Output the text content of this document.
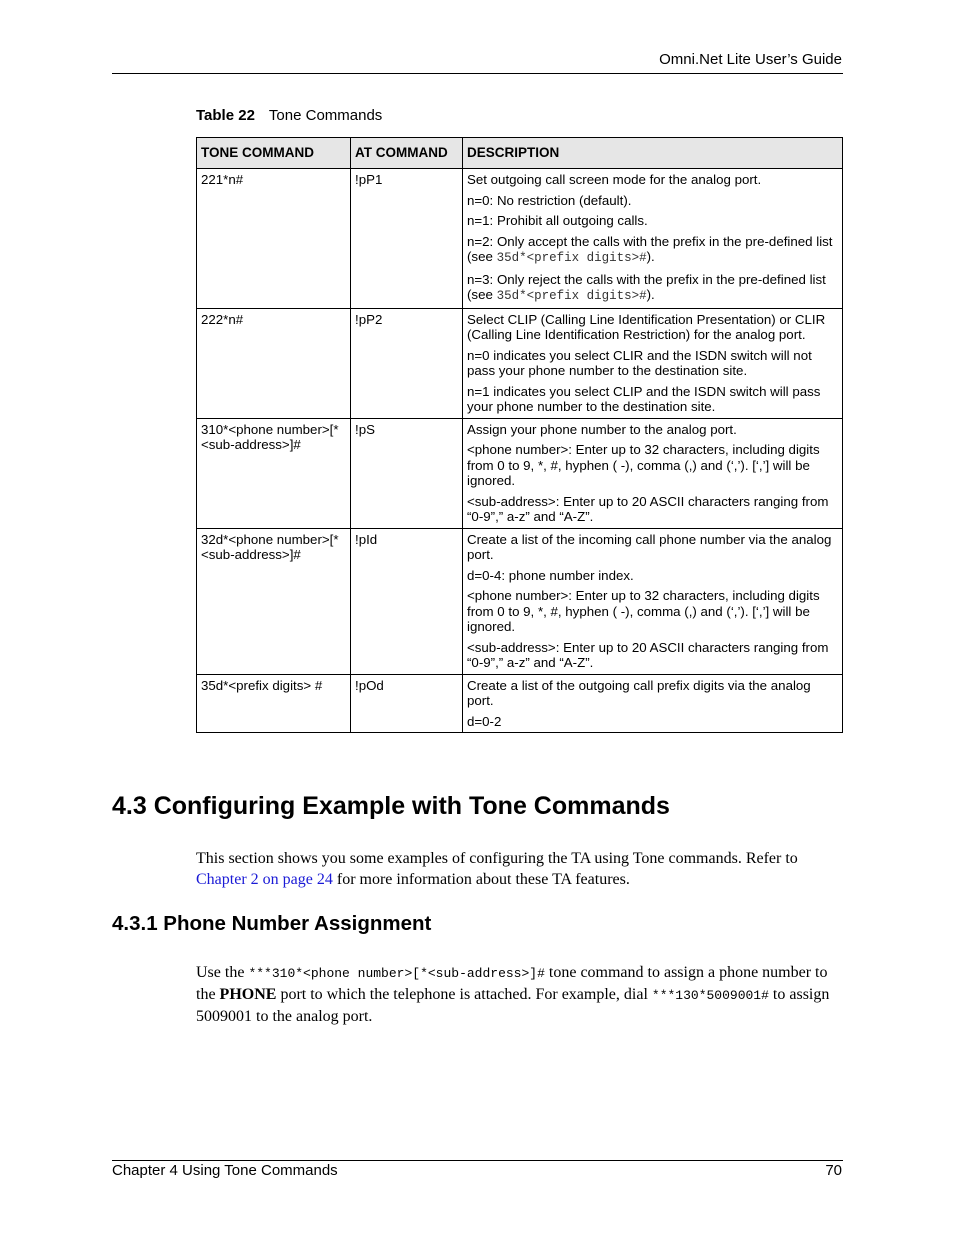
Omni.Net Lite User’s Guide
Table 22 Tone Commands
TONE COMMAND	AT COMMAND	DESCRIPTION
221*n#	!pP1	Set outgoing call screen mode for the analog port.
n=0: No restriction (default).
n=1: Prohibit all outgoing calls.
n=2: Only accept the calls with the prefix in the pre-defined list (see 35d*<prefix digits>#).
n=3: Only reject the calls with the prefix in the pre-defined list (see 35d*<prefix digits>#).

222*n#	!pP2	Select CLIP (Calling Line Identification Presentation) or CLIR (Calling Line Identification Restriction) for the analog port.
n=0 indicates you select CLIR and the ISDN switch will not pass your phone number to the destination site.
n=1 indicates you select CLIP and the ISDN switch will pass your phone number to the destination site.

310*<phone number>[*<sub-address>]#	!pS	Assign your phone number to the analog port.
<phone number>: Enter up to 32 characters, including digits from 0 to 9, *, #, hyphen ( -), comma (,) and (‘,’). [‘,’] will be ignored.
<sub-address>: Enter up to 20 ASCII characters ranging from “0-9”,” a-z” and “A-Z”.

32d*<phone number>[*<sub-address>]#	!pId	Create a list of the incoming call phone number via the analog port.
d=0-4: phone number index.
<phone number>: Enter up to 32 characters, including digits from 0 to 9, *, #, hyphen ( -), comma (,) and (‘,’). [‘,’] will be ignored.
<sub-address>: Enter up to 20 ASCII characters ranging from “0-9”,” a-z” and “A-Z”.

35d*<prefix digits> #	!pOd	Create a list of the outgoing call prefix digits via the analog port.
d=0-2
4.3 Configuring Example with Tone Commands
This section shows you some examples of configuring the TA using Tone commands. Refer to Chapter 2 on page 24 for more information about these TA features.
4.3.1 Phone Number Assignment
Use the ***310*<phone number>[*<sub-address>]# tone command to assign a phone number to the PHONE port to which the telephone is attached. For example, dial ***130*5009001# to assign 5009001 to the analog port.
Chapter 4 Using Tone Commands	70
